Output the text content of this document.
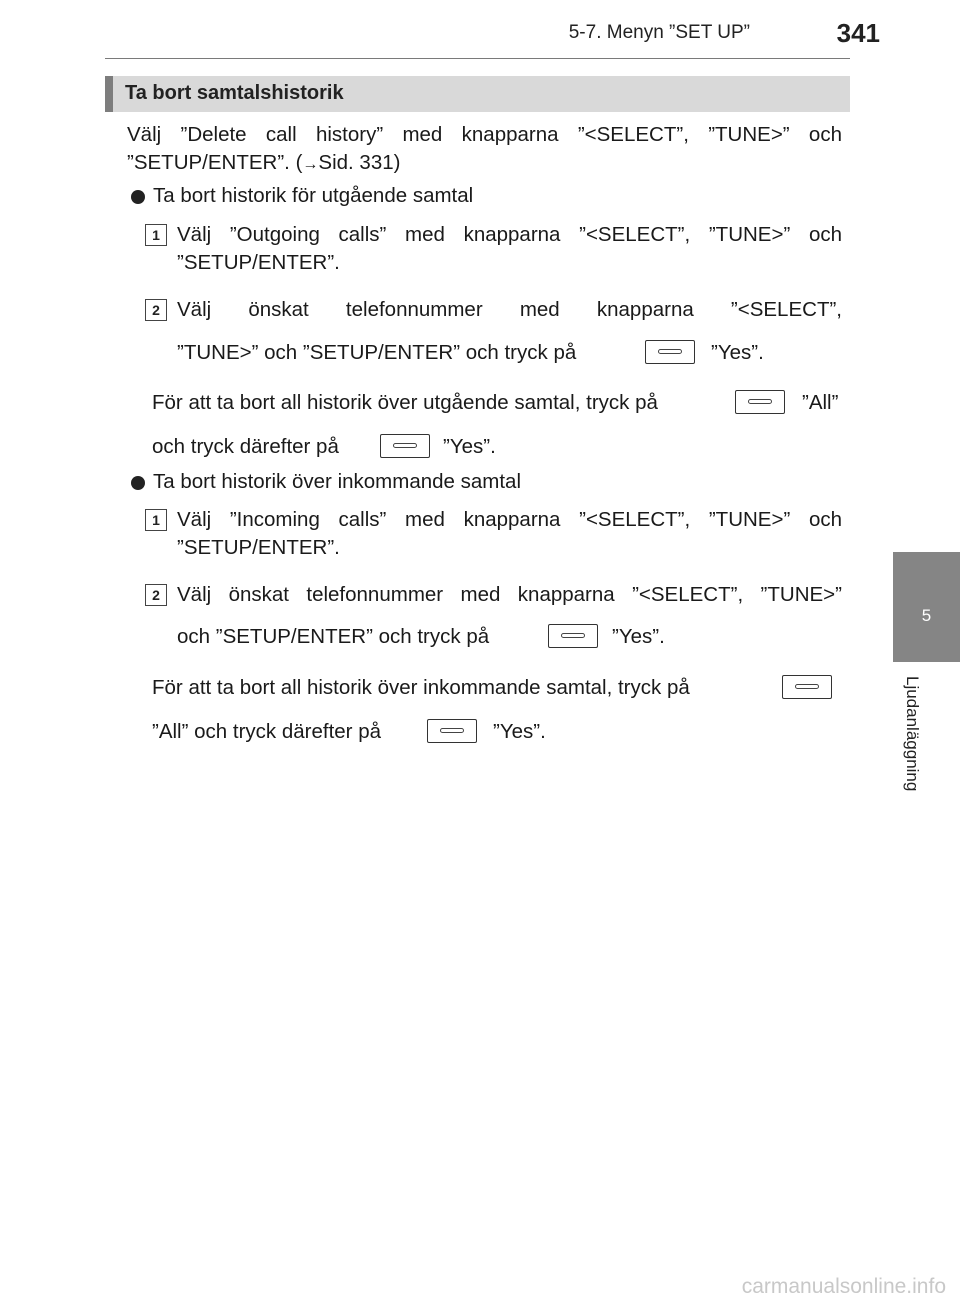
5-7. Menyn ”SET UP”	341
Ta bort samtalshistorik
Välj ”Delete call history” med knapparna ”<SELECT”, ”TUNE>” och
”SETUP/ENTER”. (→Sid. 331)
Ta bort historik för utgående samtal
1 Välj ”Outgoing calls” med knapparna ”<SELECT”, ”TUNE>” och
”SETUP/ENTER”.
2 Välj önskat telefonnummer med knapparna ”<SELECT”,
”TUNE>” och ”SETUP/ENTER” och tryck på	”Yes”.
För att ta bort all historik över utgående samtal, tryck på	”All”
och tryck därefter på	”Yes”.
Ta bort historik över inkommande samtal
1 Välj ”Incoming calls” med knapparna ”<SELECT”, ”TUNE>” och
”SETUP/ENTER”.
2 Välj önskat telefonnummer med knapparna ”<SELECT”, ”TUNE>”
och ”SETUP/ENTER” och tryck på	”Yes”.
För att ta bort all historik över inkommande samtal, tryck på
”All” och tryck därefter på	”Yes”.
5
Ljudanläggning
carmanualsonline.info
